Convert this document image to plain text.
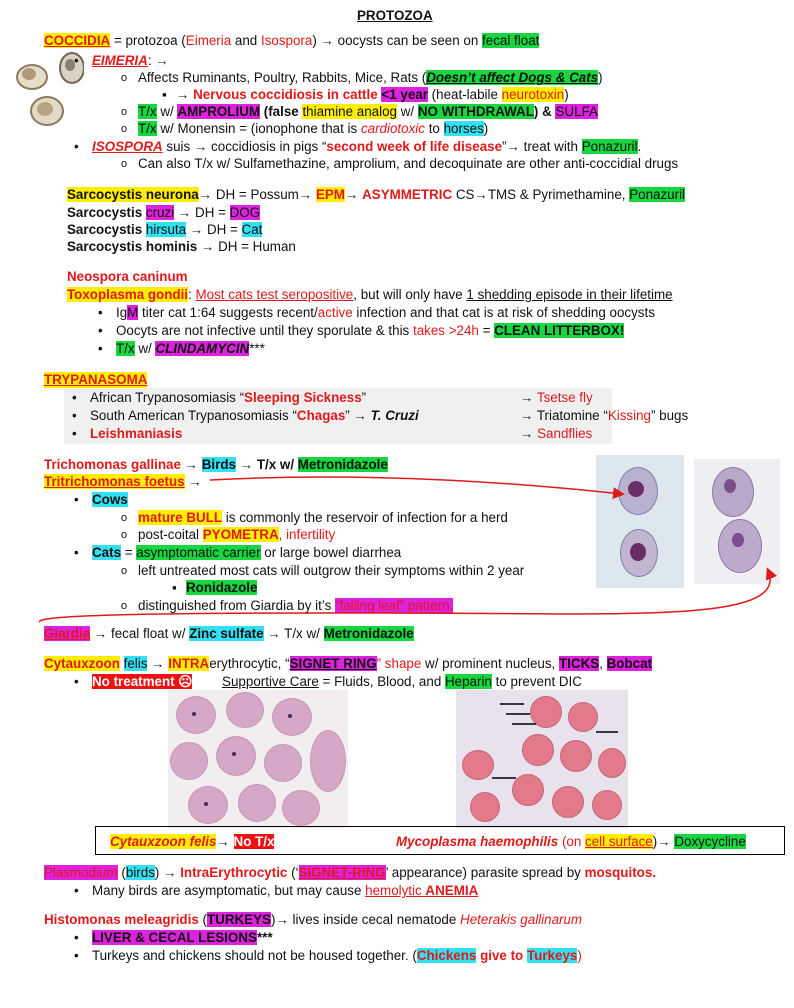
PROTOZOA
COCCIDIA = protozoa (Eimeria and Isospora) → oocysts can be seen on fecal float
• EIMERIA: →
o Affects Ruminants, Poultry, Rabbits, Mice, Rats (Doesn’t affect Dogs & Cats)
▪ → Nervous coccidiosis in cattle <1 year (heat-labile neurotoxin)
o T/x w/ AMPROLIUM (false thiamine analog w/ NO WITHDRAWAL) & SULFA
o T/x w/ Monensin = (ionophone that is cardiotoxic to horses)
• ISOSPORA suis → coccidiosis in pigs “second week of life disease”→ treat with Ponazuril.
o Can also T/x w/ Sulfamethazine, amprolium, and decoquinate are other anti-coccidial drugs
Sarcocystis neurona→ DH = Possum→ EPM→ ASYMMETRIC CS→TMS & Pyrimethamine, Ponazuril
Sarcocystis cruzi → DH = DOG
Sarcocystis hirsuta → DH = Cat
Sarcocystis hominis → DH = Human
Neospora caninum
Toxoplasma gondii: Most cats test seropositive, but will only have 1 shedding episode in their lifetime
• IgM titer cat 1:64 suggests recent/active infection and that cat is at risk of shedding oocysts
• Oocyts are not infective until they sporulate & this takes >24h = CLEAN LITTERBOX!
• T/x w/ CLINDAMYCIN***
TRYPANASOMA
• African Trypanosomiasis “Sleeping Sickness”	→ Tsetse fly
• South American Trypanosomiasis “Chagas” → T. Cruzi	→ Triatomine “Kissing” bugs
• Leishmaniasis	→ Sandflies
Trichomonas gallinae → Birds → T/x w/ Metronidazole
Tritrichomonas foetus →
• Cows
o mature BULL is commonly the reservoir of infection for a herd
o post-coital PYOMETRA, infertility
• Cats = asymptomatic carrier or large bowel diarrhea
o left untreated most cats will outgrow their symptoms within 2 year
▪ Ronidazole
o distinguished from Giardia by it’s “falling leaf” pattern.
Giardia → fecal float w/ Zinc sulfate → T/x w/ Metronidazole
Cytauxzoon felis → INTRAerythrocytic, “SIGNET RING” shape w/ prominent nucleus, TICKS, Bobcat
• No treatment ☹ Supportive Care = Fluids, Blood, and Heparin to prevent DIC
Cytauxzoon felis→ No T/x	Mycoplasma haemophilis (on cell surface)→ Doxycycline
Plasmodium (birds) → IntraErythrocytic (‘SIGNET-RING’ appearance) parasite spread by mosquitos.
• Many birds are asymptomatic, but may cause hemolytic ANEMIA
Histomonas meleagridis (TURKEYS)→ lives inside cecal nematode Heterakis gallinarum
• LIVER & CECAL LESIONS***
• Turkeys and chickens should not be housed together. (Chickens give to Turkeys)
